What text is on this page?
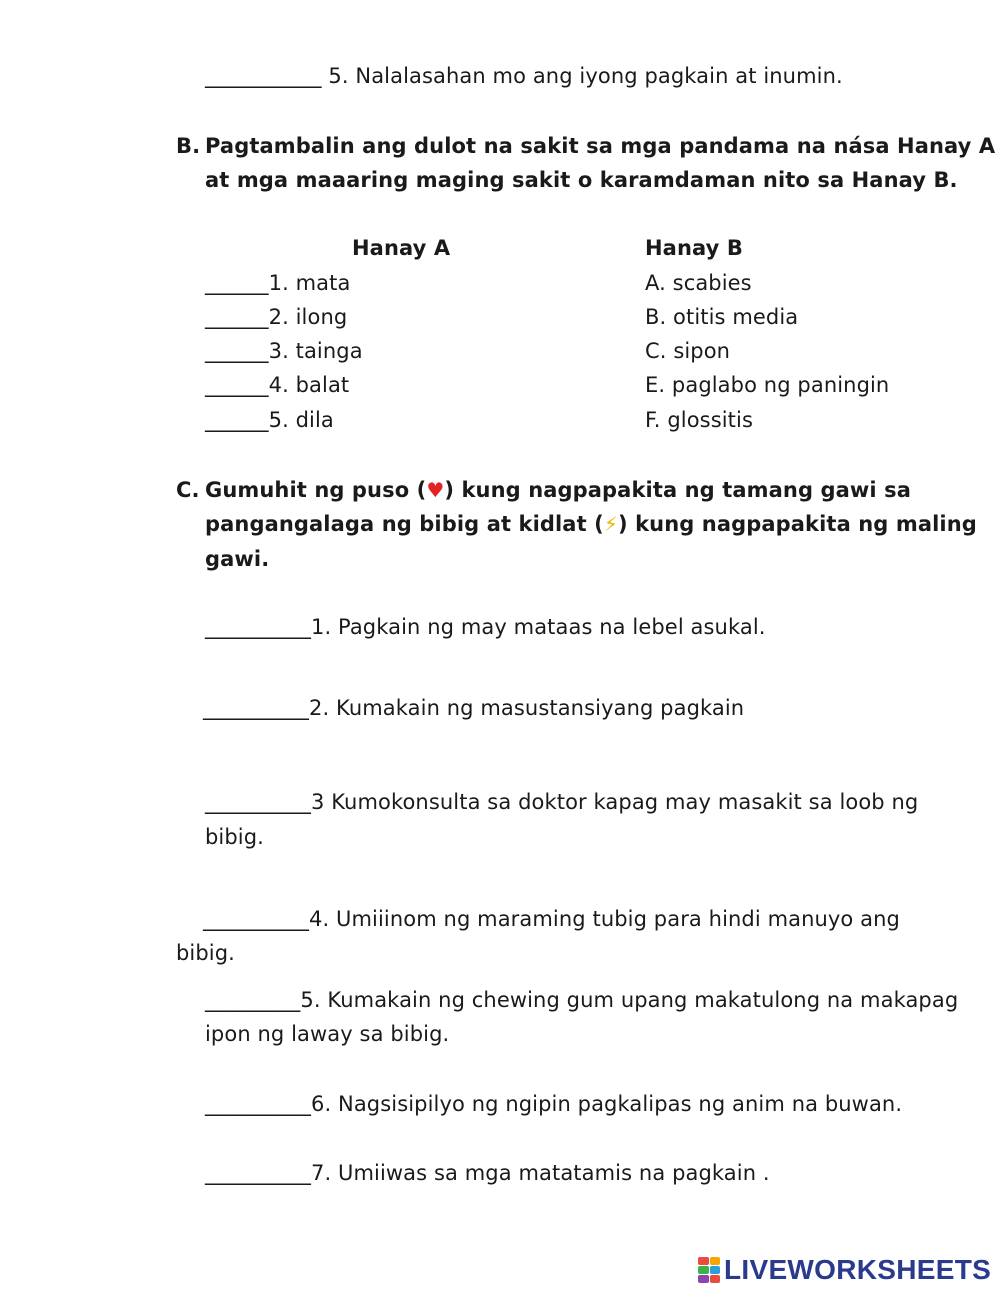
___________ 5. Nalalasahan mo ang iyong pagkain at inumin.
B. Pagtambalin ang dulot na sakit sa mga pandama na nása Hanay A
at mga maaaring maging sakit o karamdaman nito sa Hanay B.
Hanay A	Hanay B
______1. mata
______2. ilong
______3. tainga
______4. balat
______5. dila
A. scabies
B. otitis media
C. sipon
E. paglabo ng paningin
F. glossitis
C. Gumuhit ng puso (♥) kung nagpapakita ng tamang gawi sa
pangangalaga ng bibig at kidlat (⚡) kung nagpapakita ng maling
gawi.
__________1. Pagkain ng may mataas na lebel asukal.
__________2. Kumakain ng masustansiyang pagkain
__________3 Kumokonsulta sa doktor kapag may masakit sa loob ng
bibig.
__________4. Umiiinom ng maraming tubig para hindi manuyo ang
bibig.
_________5. Kumakain ng chewing gum upang makatulong na makapag
ipon ng laway sa bibig.
__________6. Nagsisipilyo ng ngipin pagkalipas ng anim na buwan.
__________7. Umiiwas sa mga matatamis na pagkain .
LIVEWORKSHEETS
